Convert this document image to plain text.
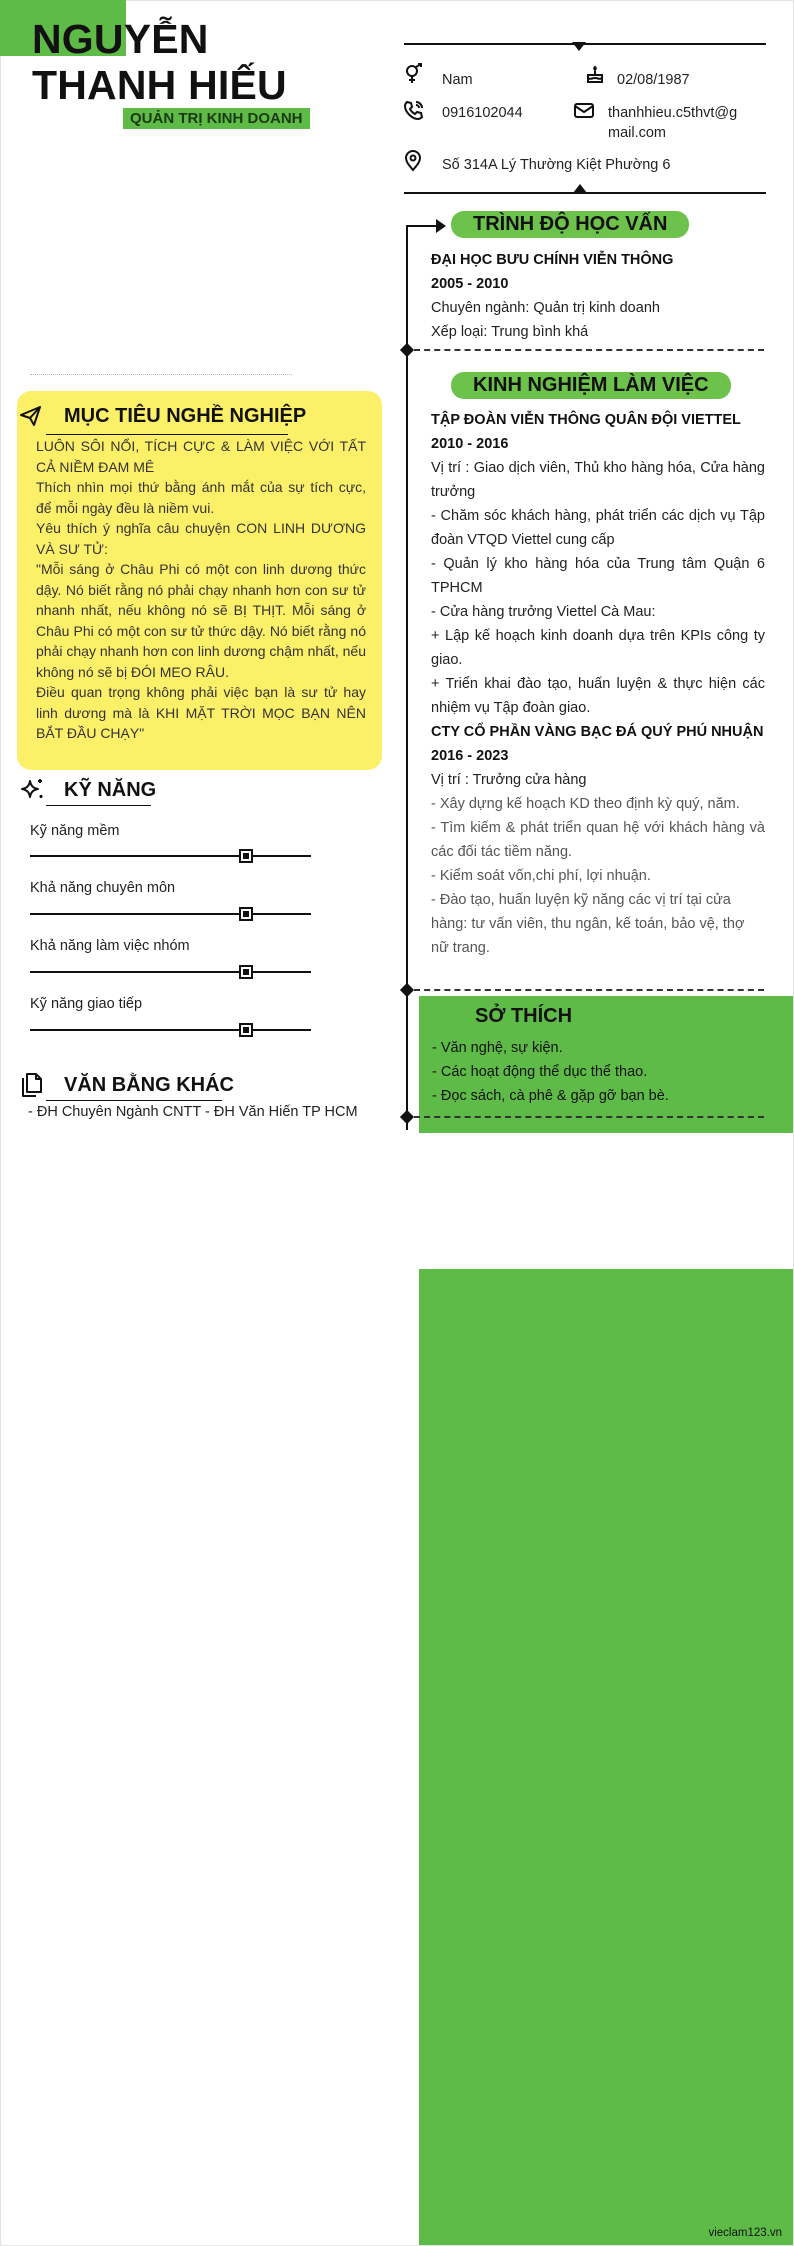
NGUYỄN
THANH HIẾU
QUẢN TRỊ KINH DOANH
Nam	02/08/1987
0916102044	thanhhieu.c5thvt@g
mail.com
Số 314A Lý Thường Kiệt Phường 6
TRÌNH ĐỘ HỌC VẤN
ĐẠI HỌC BƯU CHÍNH VIỄN THÔNG
2005 - 2010
Chuyên ngành: Quản trị kinh doanh
Xếp loại: Trung bình khá
KINH NGHIỆM LÀM VIỆC
TẬP ĐOÀN VIỄN THÔNG QUÂN ĐỘI VIETTEL
2010 - 2016
Vị trí : Giao dịch viên, Thủ kho hàng hóa, Cửa hàng trưởng
- Chăm sóc khách hàng, phát triển các dịch vụ Tập đoàn VTQD Viettel cung cấp
- Quản lý kho hàng hóa của Trung tâm Quận 6 TPHCM
- Cửa hàng trưởng Viettel Cà Mau:
+ Lập kế hoạch kinh doanh dựa trên KPIs công ty giao.
+ Triển khai đào tạo, huấn luyện & thực hiện các nhiệm vụ Tập đoàn giao.
CTY CỔ PHẦN VÀNG BẠC ĐÁ QUÝ PHÚ NHUẬN
2016 - 2023
Vị trí : Trưởng cửa hàng
- Xây dựng kế hoạch KD theo định kỳ quý, năm.
- Tìm kiếm & phát triển quan hệ với khách hàng và các đối tác tiềm năng.
- Kiểm soát vốn,chi phí, lợi nhuận.
- Đào tạo, huấn luyện kỹ năng các vị trí tại cửa hàng: tư vấn viên, thu ngân, kế toán, bảo vệ, thợ nữ trang.
SỞ THÍCH
- Văn nghệ, sự kiện.
- Các hoạt động thể dục thể thao.
- Đọc sách, cà phê & gặp gỡ bạn bè.
MỤC TIÊU NGHỀ NGHIỆP
LUÔN SÔI NỔI, TÍCH CỰC & LÀM VIỆC VỚI TẤT CẢ NIỀM ĐAM MÊ
Thích nhìn mọi thứ bằng ánh mắt của sự tích cực, để mỗi ngày đều là niềm vui.
Yêu thích ý nghĩa câu chuyện CON LINH DƯƠNG VÀ SƯ TỬ:
"Mỗi sáng ở Châu Phi có một con linh dương thức dậy. Nó biết rằng nó phải chạy nhanh hơn con sư tử nhanh nhất, nếu không nó sẽ BỊ THỊT. Mỗi sáng ở Châu Phi có một con sư tử thức dậy. Nó biết rằng nó phải chạy nhanh hơn con linh dương chậm nhất, nếu không nó sẽ bị ĐÓI MEO RÂU.
Điều quan trọng không phải việc bạn là sư tử hay linh dương mà là KHI MẶT TRỜI MỌC BẠN NÊN BẮT ĐẦU CHẠY"
KỸ NĂNG
Kỹ năng mềm
Khả năng chuyên môn
Khả năng làm việc nhóm
Kỹ năng giao tiếp
VĂN BẰNG KHÁC
- ĐH Chuyên Ngành CNTT - ĐH Văn Hiến TP HCM
vieclam123.vn
